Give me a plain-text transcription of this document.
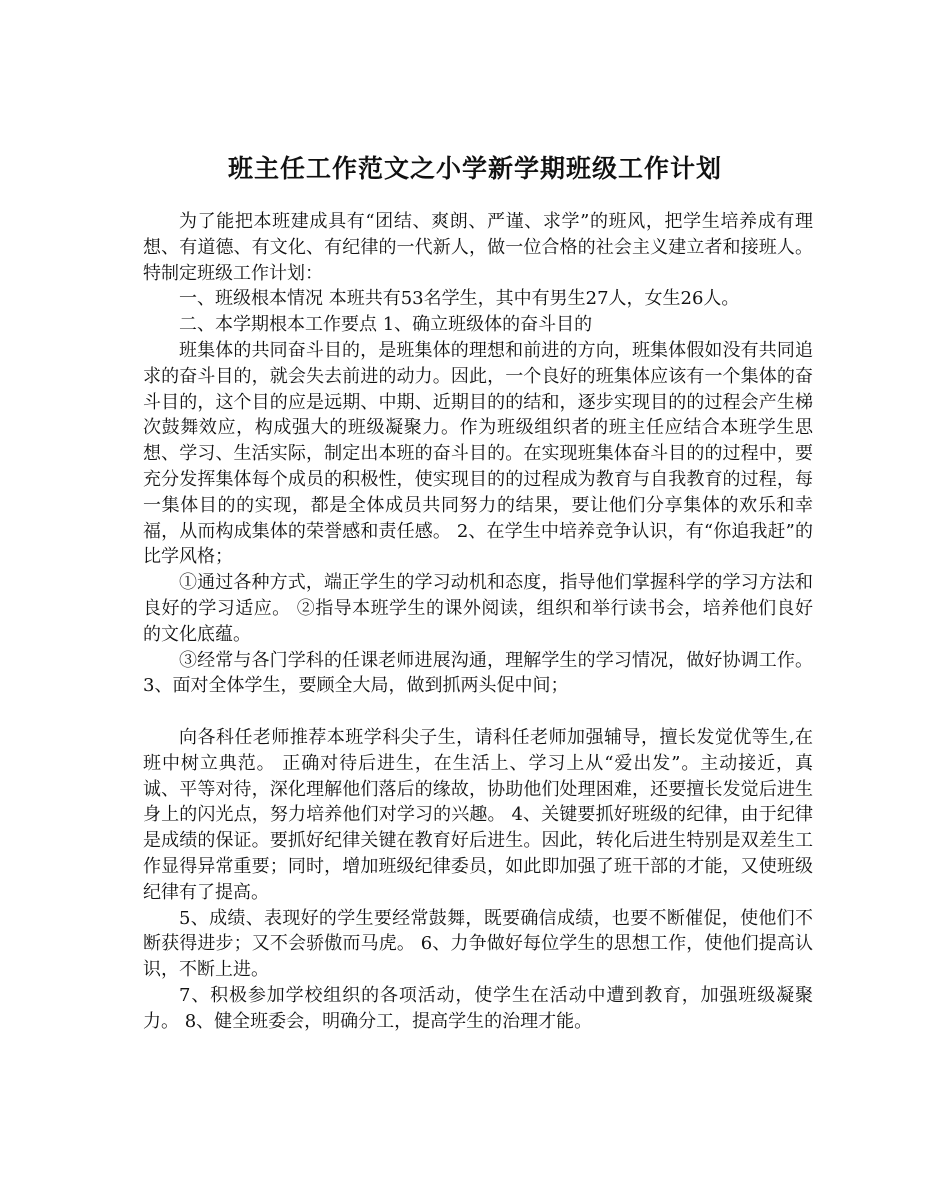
班主任工作范文之小学新学期班级工作计划

为了能把本班建成具有“团结、爽朗、严谨、求学”的班风，把学生培养成有理想、有道德、有文化、有纪律的一代新人，做一位合格的社会主义建立者和接班人。特制定班级工作计划：

一、班级根本情况 本班共有53名学生，其中有男生27人，女生26人。

二、本学期根本工作要点 1、确立班级体的奋斗目的

班集体的共同奋斗目的，是班集体的理想和前进的方向，班集体假如没有共同追求的奋斗目的，就会失去前进的动力。因此，一个良好的班集体应该有一个集体的奋斗目的，这个目的应是远期、中期、近期目的的结和，逐步实现目的的过程会产生梯次鼓舞效应，构成强大的班级凝聚力。作为班级组织者的班主任应结合本班学生思想、学习、生活实际，制定出本班的奋斗目的。在实现班集体奋斗目的的过程中，要充分发挥集体每个成员的积极性，使实现目的的过程成为教育与自我教育的过程，每一集体目的的实现，都是全体成员共同努力的结果，要让他们分享集体的欢乐和幸福，从而构成集体的荣誉感和责任感。 2、在学生中培养竞争认识，有“你追我赶”的比学风格；

①通过各种方式，端正学生的学习动机和态度，指导他们掌握科学的学习方法和良好的学习适应。 ②指导本班学生的课外阅读，组织和举行读书会，培养他们良好的文化底蕴。

③经常与各门学科的任课老师进展沟通，理解学生的学习情况，做好协调工作。 3、面对全体学生，要顾全大局，做到抓两头促中间；

向各科任老师推荐本班学科尖子生，请科任老师加强辅导，擅长发觉优等生,在班中树立典范。 正确对待后进生，在生活上、学习上从“爱出发”。主动接近，真诚、平等对待，深化理解他们落后的缘故，协助他们处理困难，还要擅长发觉后进生身上的闪光点，努力培养他们对学习的兴趣。 4、关键要抓好班级的纪律，由于纪律是成绩的保证。要抓好纪律关键在教育好后进生。因此，转化后进生特别是双差生工作显得异常重要；同时，增加班级纪律委员，如此即加强了班干部的才能，又使班级纪律有了提高。

5、成绩、表现好的学生要经常鼓舞，既要确信成绩，也要不断催促，使他们不断获得进步；又不会骄傲而马虎。 6、力争做好每位学生的思想工作，使他们提高认识，不断上进。

7、积极参加学校组织的各项活动，使学生在活动中遭到教育，加强班级凝聚力。 8、健全班委会，明确分工，提高学生的治理才能。
